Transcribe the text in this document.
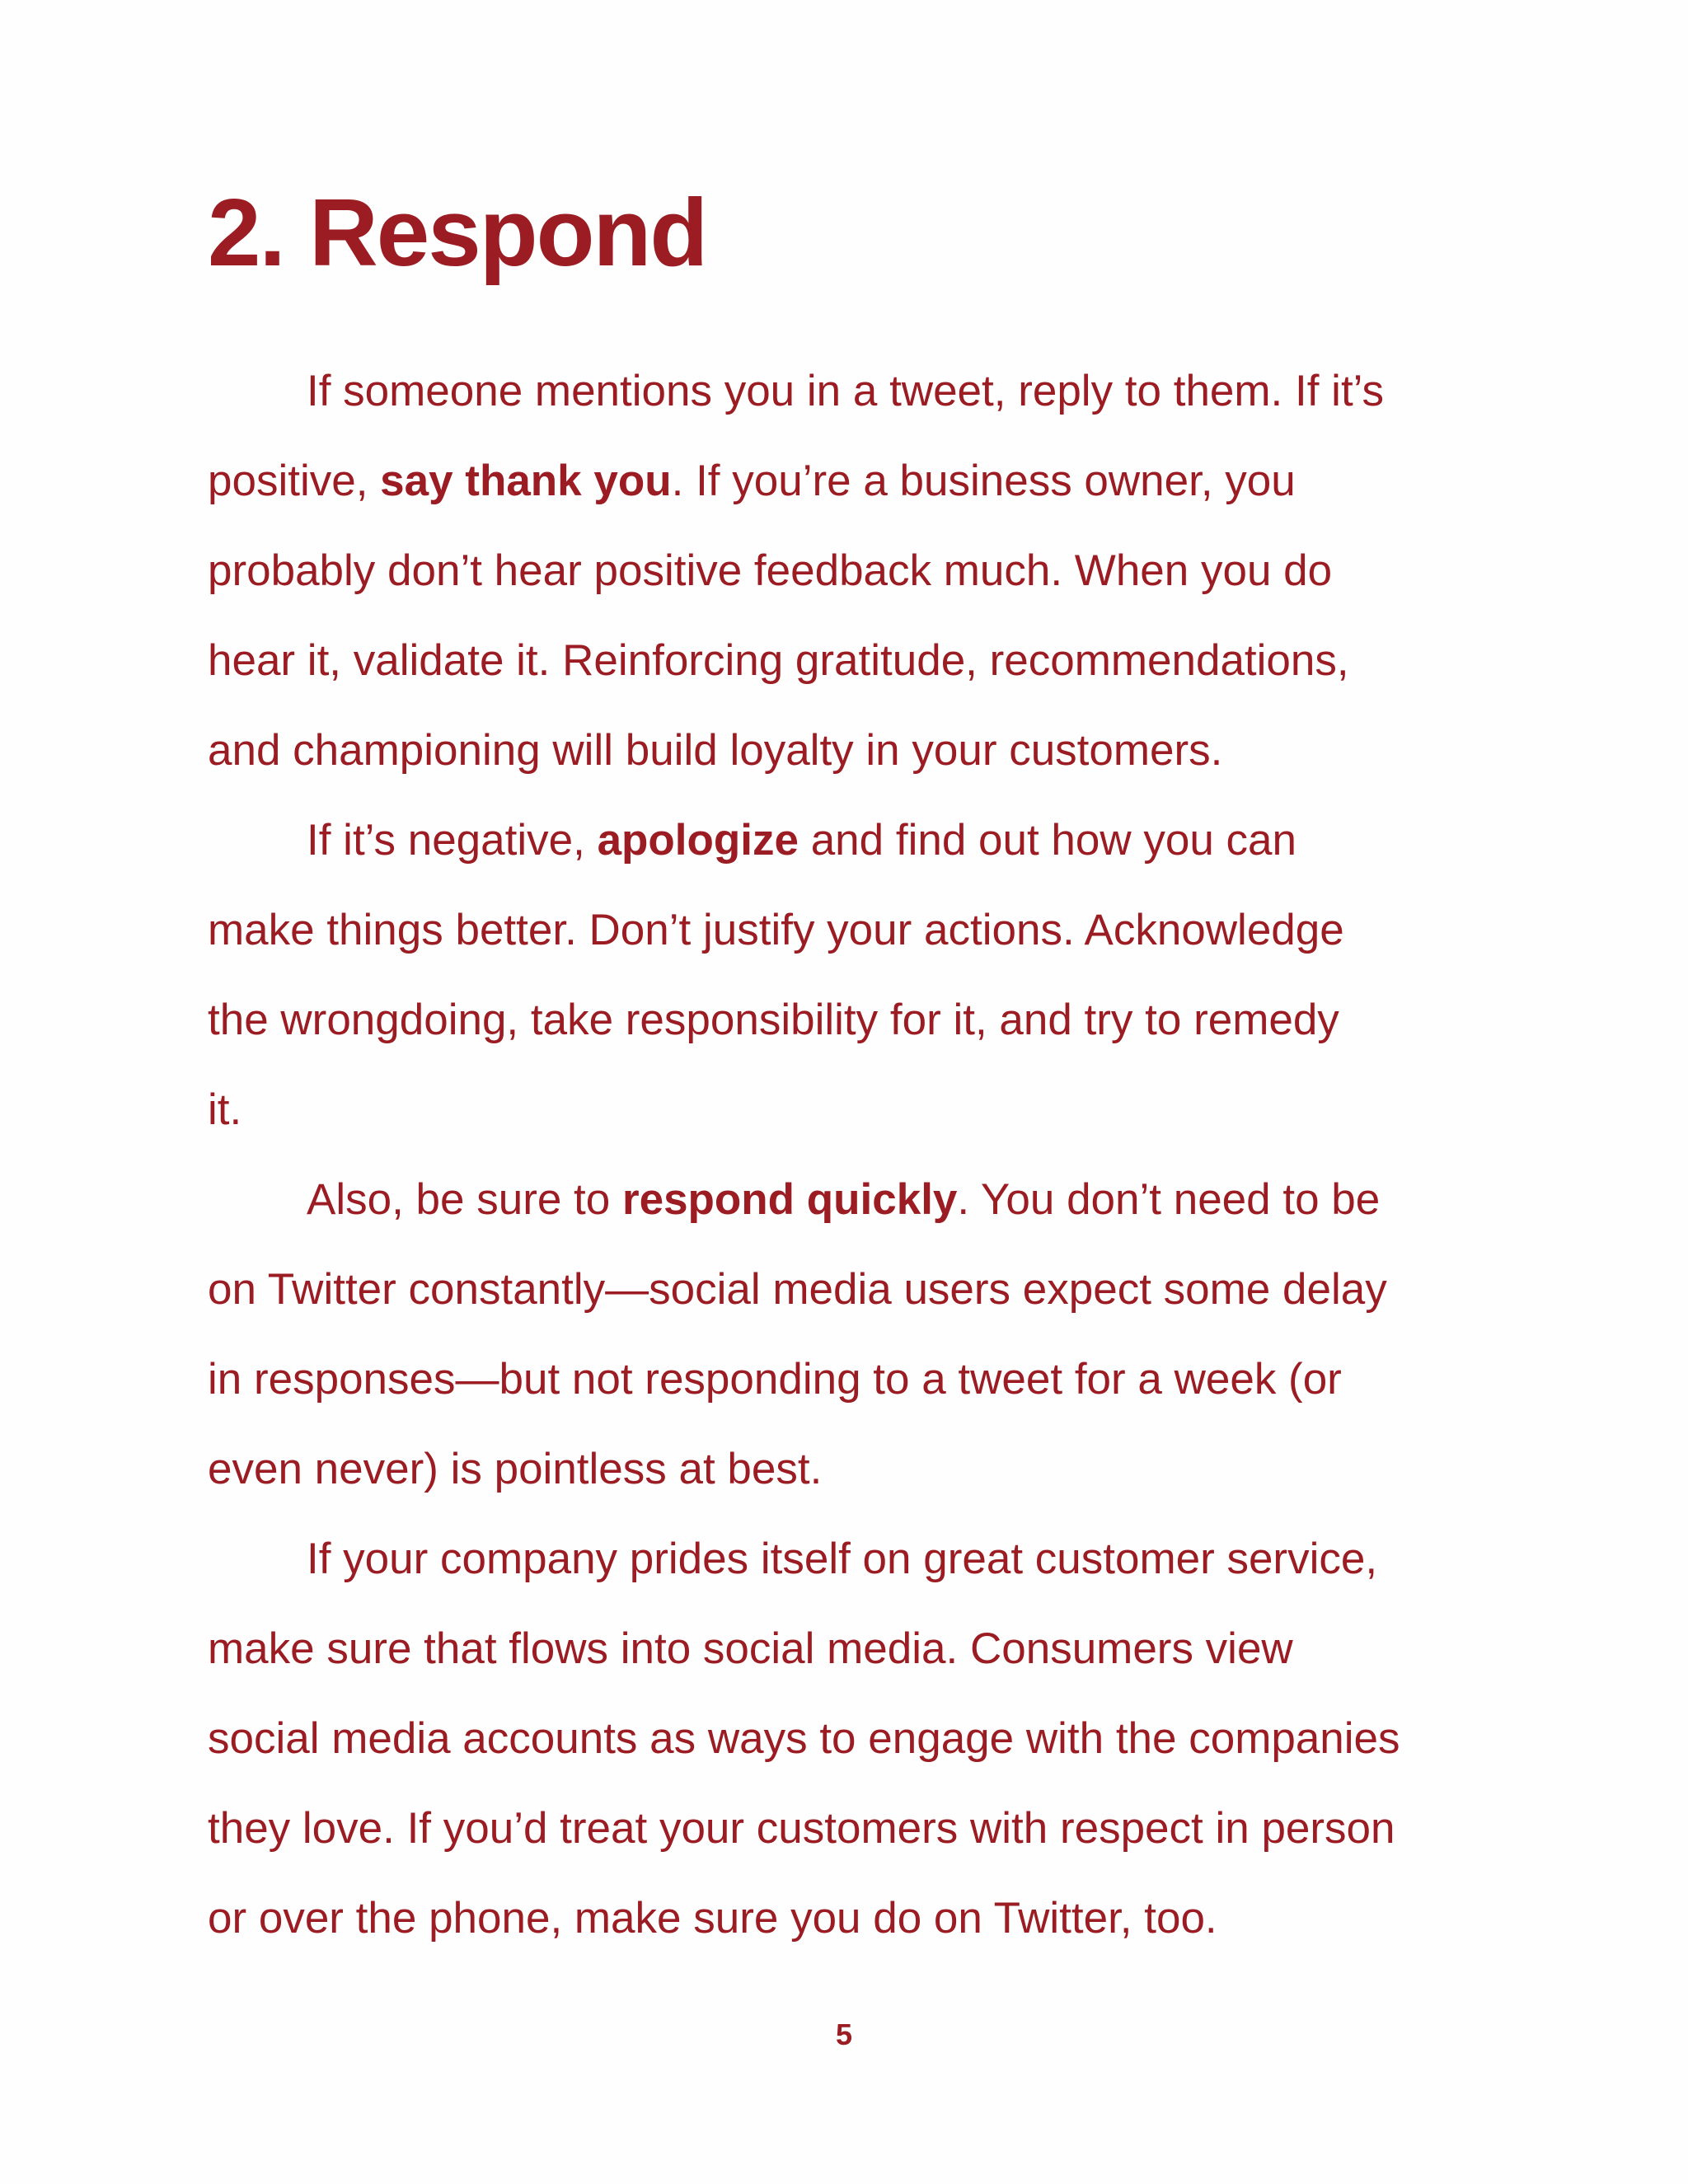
2. Respond
If someone mentions you in a tweet, reply to them. If it’s
positive, say thank you. If you’re a business owner, you
probably don’t hear positive feedback much. When you do
hear it, validate it. Reinforcing gratitude, recommendations,
and championing will build loyalty in your customers.
If it’s negative, apologize and find out how you can
make things better. Don’t justify your actions. Acknowledge
the wrongdoing, take responsibility for it, and try to remedy
it.
Also, be sure to respond quickly. You don’t need to be
on Twitter constantly—social media users expect some delay
in responses—but not responding to a tweet for a week (or
even never) is pointless at best.
If your company prides itself on great customer service,
make sure that flows into social media. Consumers view
social media accounts as ways to engage with the companies
they love. If you’d treat your customers with respect in person
or over the phone, make sure you do on Twitter, too.
5
